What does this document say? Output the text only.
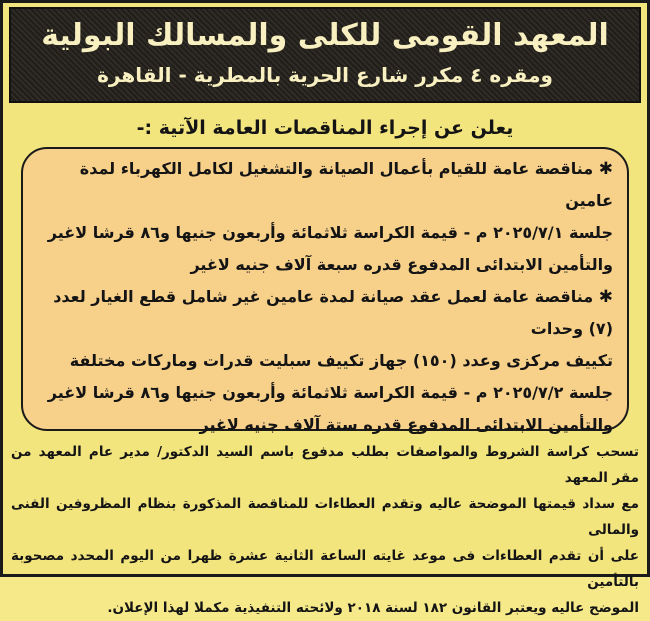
المعهد القومى للكلى والمسالك البولية
ومقره ٤ مكرر شارع الحرية بالمطرية - القاهرة
يعلن عن إجراء المناقصات العامة الآتية :-
✱ مناقصة عامة للقيام بأعمال الصيانة والتشغيل لكامل الكهرباء لمدة عامين
جلسة ٢٠٢٥/٧/١ م - قيمة الكراسة ثلاثمائة وأربعون جنيها و٨٦ قرشا لاغير
والتأمين الابتدائى المدفوع قدره سبعة آلاف جنيه لاغير
✱ مناقصة عامة لعمل عقد صيانة لمدة عامين غير شامل قطع الغيار لعدد (٧) وحدات
تكييف مركزى وعدد (١٥٠) جهاز تكييف سبليت قدرات وماركات مختلفة
جلسة ٢٠٢٥/٧/٢ م - قيمة الكراسة ثلاثمائة وأربعون جنيها و٨٦ قرشا لاغير
والتأمين الابتدائى المدفوع قدره ستة آلاف جنيه لاغير
تسحب كراسة الشروط والمواصفات بطلب مدفوع باسم السيد الدكتور/ مدير عام المعهد من مقر المعهد
مع سداد قيمتها الموضحة عاليه وتقدم العطاءات للمناقصة المذكورة بنظام المظروفين الفنى والمالى
على أن تقدم العطاءات فى موعد غايته الساعة الثانية عشرة ظهرا من اليوم المحدد مصحوبة بالتأمين
الموضح عاليه ويعتبر القانون ١٨٢ لسنة ٢٠١٨ ولائحته التنفيذية مكملا لهذا الإعلان.
